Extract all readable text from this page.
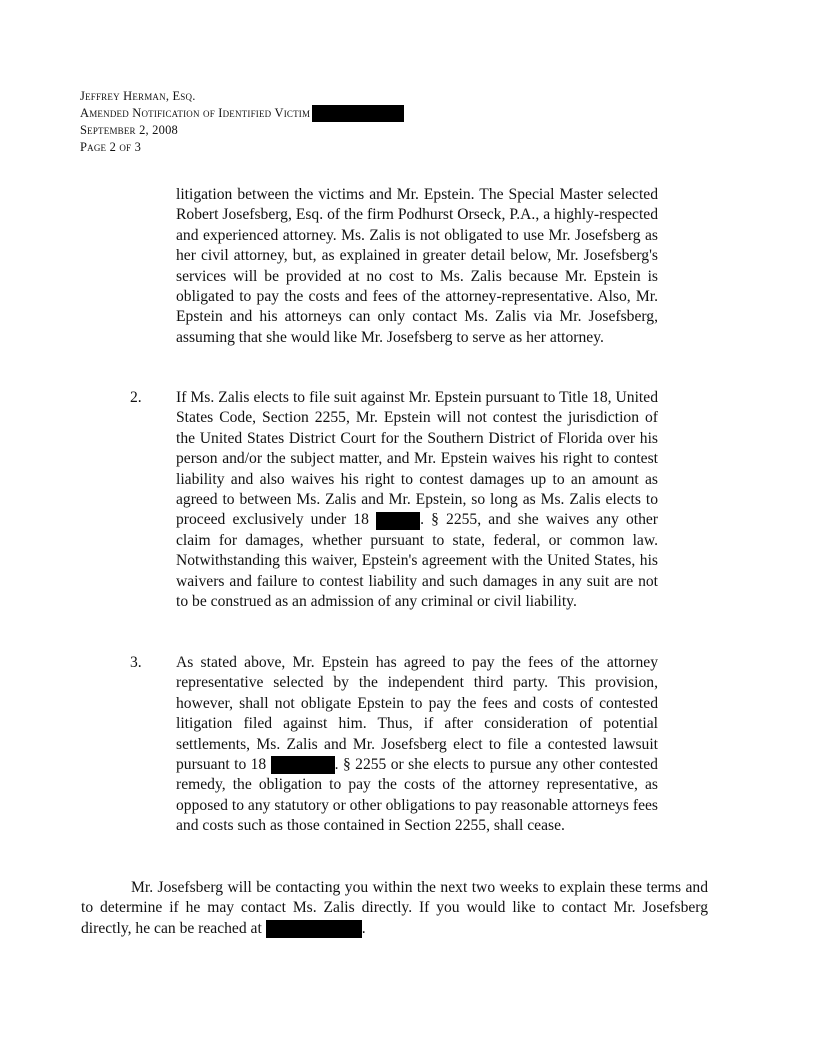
Jeffrey Herman, Esq.
Amended Notification of Identified Victim
September 2, 2008
Page 2 of 3

litigation between the victims and Mr. Epstein. The Special Master selected Robert Josefsberg, Esq. of the firm Podhurst Orseck, P.A., a highly-respected and experienced attorney. Ms. Zalis is not obligated to use Mr. Josefsberg as her civil attorney, but, as explained in greater detail below, Mr. Josefsberg's services will be provided at no cost to Ms. Zalis because Mr. Epstein is obligated to pay the costs and fees of the attorney-representative. Also, Mr. Epstein and his attorneys can only contact Ms. Zalis via Mr. Josefsberg, assuming that she would like Mr. Josefsberg to serve as her attorney.

2. If Ms. Zalis elects to file suit against Mr. Epstein pursuant to Title 18, United States Code, Section 2255, Mr. Epstein will not contest the jurisdiction of the United States District Court for the Southern District of Florida over his person and/or the subject matter, and Mr. Epstein waives his right to contest liability and also waives his right to contest damages up to an amount as agreed to between Ms. Zalis and Mr. Epstein, so long as Ms. Zalis elects to proceed exclusively under 18	. § 2255, and she waives any other claim for damages, whether pursuant to state, federal, or common law. Notwithstanding this waiver, Epstein's agreement with the United States, his waivers and failure to contest liability and such damages in any suit are not to be construed as an admission of any criminal or civil liability.

3. As stated above, Mr. Epstein has agreed to pay the fees of the attorney representative selected by the independent third party. This provision, however, shall not obligate Epstein to pay the fees and costs of contested litigation filed against him. Thus, if after consideration of potential settlements, Ms. Zalis and Mr. Josefsberg elect to file a contested lawsuit pursuant to 18	. § 2255 or she elects to pursue any other contested remedy, the obligation to pay the costs of the attorney representative, as opposed to any statutory or other obligations to pay reasonable attorneys fees and costs such as those contained in Section 2255, shall cease.

Mr. Josefsberg will be contacting you within the next two weeks to explain these terms and to determine if he may contact Ms. Zalis directly. If you would like to contact Mr. Josefsberg directly, he can be reached at	.
